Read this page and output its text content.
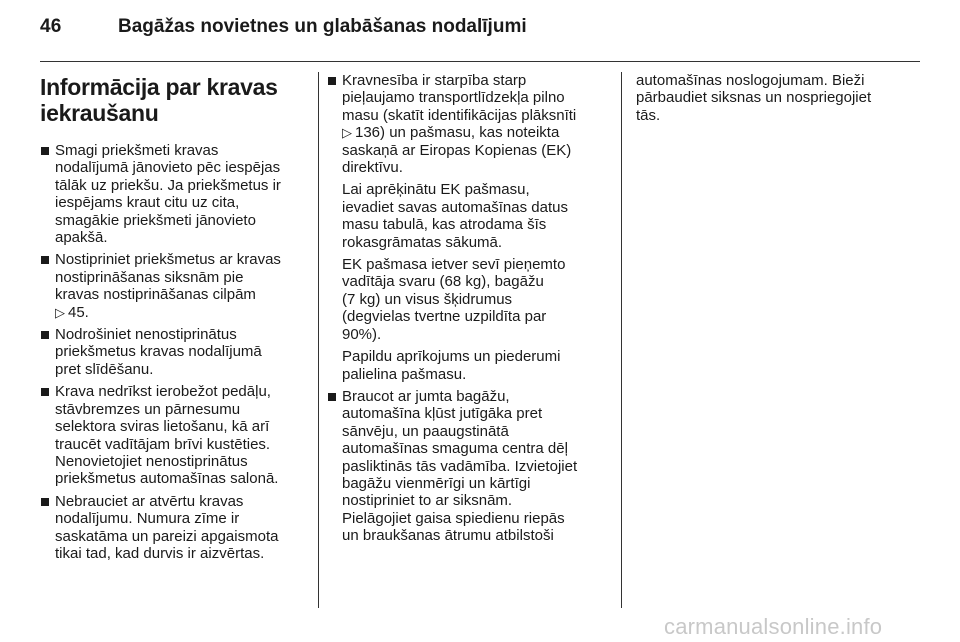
46	Bagāžas novietnes un glabāšanas nodalījumi
Informācija par kravas
iekraušanu
Smagi priekšmeti kravas
nodalījumā jānovieto pēc iespējas
tālāk uz priekšu. Ja priekšmetus ir
iespējams kraut citu uz cita,
smagākie priekšmeti jānovieto
apakšā.
Nostipriniet priekšmetus ar kravas
nostiprināšanas siksnām pie
kravas nostiprināšanas cilpām
▷ 45.
Nodrošiniet nenostiprinātus
priekšmetus kravas nodalījumā
pret slīdēšanu.
Krava nedrīkst ierobežot pedāļu,
stāvbremzes un pārnesumu
selektora sviras lietošanu, kā arī
traucēt vadītājam brīvi kustēties.
Nenovietojiet nenostiprinātus
priekšmetus automašīnas salonā.
Nebrauciet ar atvērtu kravas
nodalījumu. Numura zīme ir
saskatāma un pareizi apgaismota
tikai tad, kad durvis ir aizvērtas.
Kravnesība ir starpība starp
pieļaujamo transportlīdzekļa pilno
masu (skatīt identifikācijas plāksnīti
▷ 136) un pašmasu, kas noteikta
saskaņā ar Eiropas Kopienas (EK)
direktīvu.
Lai aprēķinātu EK pašmasu,
ievadiet savas automašīnas datus
masu tabulā, kas atrodama šīs
rokasgrāmatas sākumā.
EK pašmasa ietver sevī pieņemto
vadītāja svaru (68 kg), bagāžu
(7 kg) un visus šķidrumus
(degvielas tvertne uzpildīta par
90%).
Papildu aprīkojums un piederumi
palielina pašmasu.
Braucot ar jumta bagāžu,
automašīna kļūst jutīgāka pret
sānvēju, un paaugstinātā
automašīnas smaguma centra dēļ
pasliktinās tās vadāmība. Izvietojiet
bagāžu vienmērīgi un kārtīgi
nostipriniet to ar siksnām.
Pielāgojiet gaisa spiedienu riepās
un braukšanas ātrumu atbilstoši
automašīnas noslogojumam. Bieži
pārbaudiet siksnas un nospriegojiet
tās.
carmanualsonline.info
